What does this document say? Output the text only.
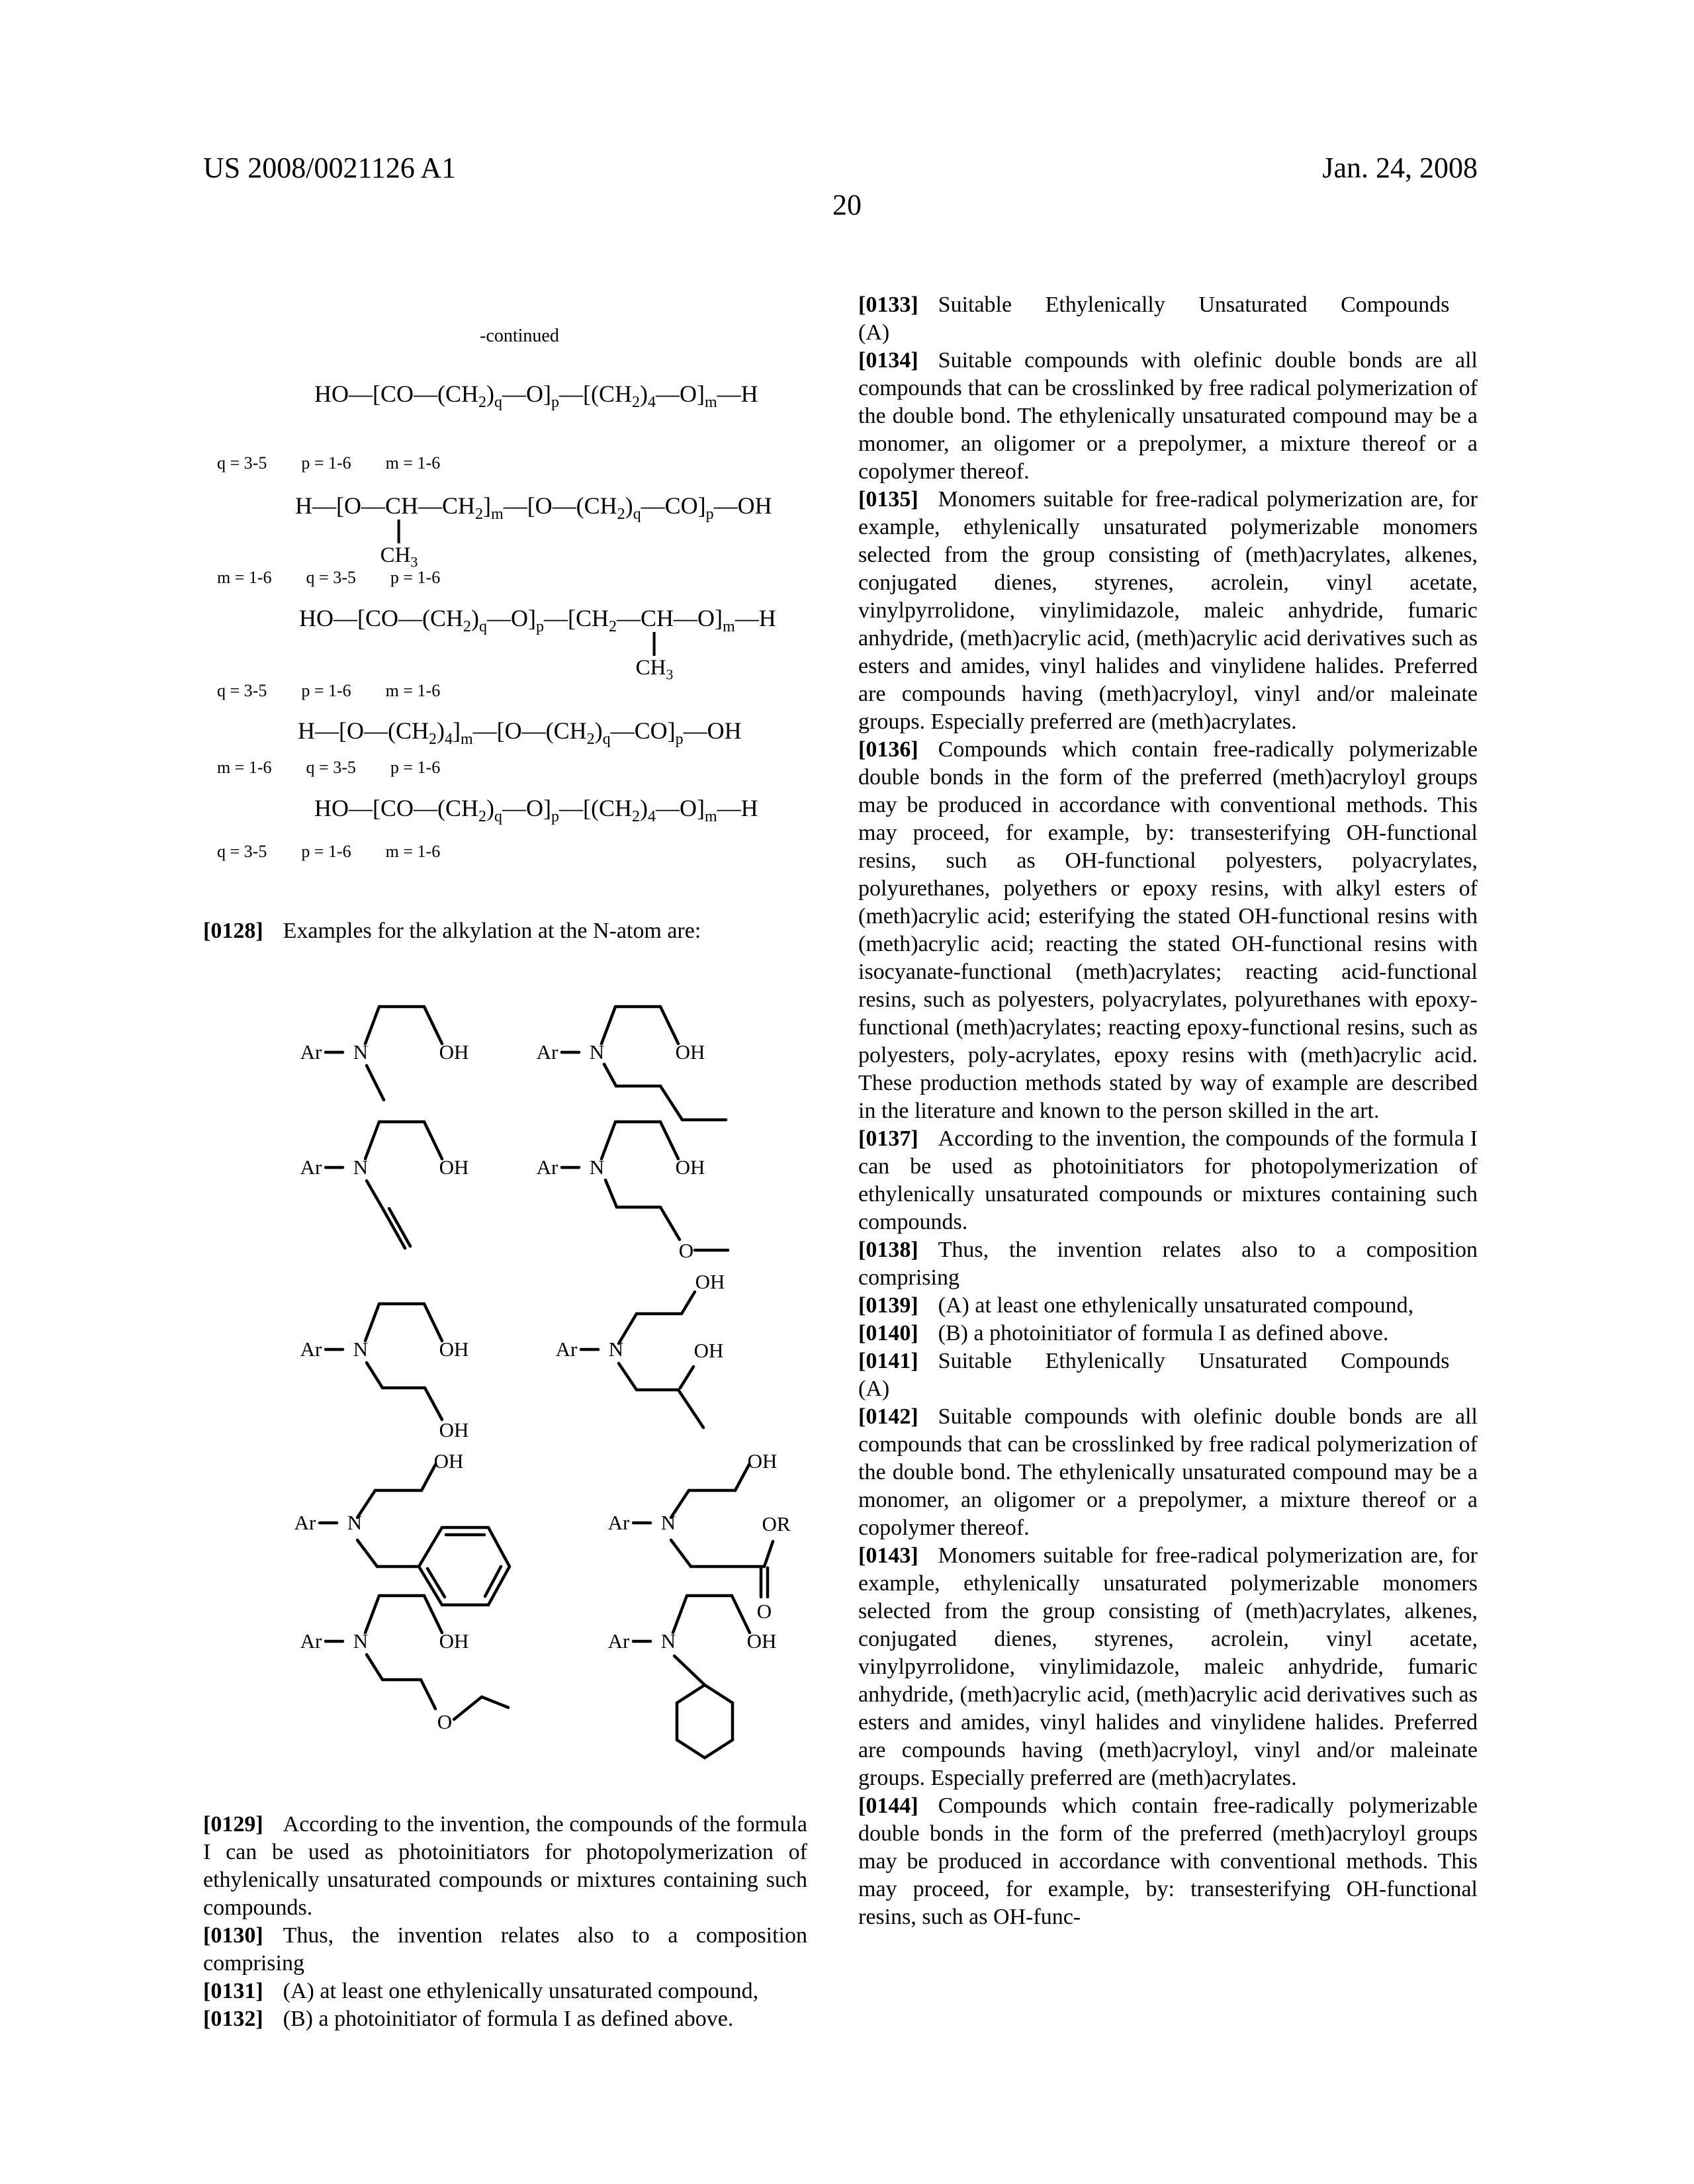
US 2008/0021126 A1	Jan. 24, 2008
20
-continued
$HO—[CO—(CH_2)_q—O]_p—[(CH_2)_4—O]_m—H$
q = 3-5 p = 1-6 m = 1-6
H—[O—CH
$CH_3$
$—CH_2]_m—[O—(CH_2)_q—CO]_p—OH$
m = 1-6 q = 3-5 p = 1-6
$HO—[CO—(CH_2)_q—O]_p—[CH_2—CH$
$CH_3$
$—O]_m—H$
q = 3-5 p = 1-6 m = 1-6
$H—[O—(CH_2)_4]_m—[O—(CH_2)_q—CO]_p—OH$
m = 1-6 q = 3-5 p = 1-6
$HO—[CO—(CH_2)_q—O]_p—[(CH_2)_4—O]_m—H$
q = 3-5 p = 1-6 m = 1-6
[0128] Examples for the alkylation at the N-atom are:
Ar N	OH	Ar N	OH
Ar N	OH	Ar N	OH
O
Ar N	OH
OH
Ar N
OH
OH
Ar N
OH
Ar N
OH
OR
O
Ar N	OH
O
Ar N	OH

[0129] According to the invention, the compounds of the formula I can be used as photoinitiators for photopolymerization of ethylenically unsaturated compounds or mixtures containing such compounds.

[0130] Thus, the invention relates also to a composition comprising

[0131] (A) at least one ethylenically unsaturated compound,

[0132] (B) a photoinitiator of formula I as defined above.

[0133] Suitable Ethylenically Unsaturated Compounds
(A)

[0134] Suitable compounds with olefinic double bonds are all compounds that can be crosslinked by free radical polymerization of the double bond. The ethylenically unsaturated compound may be a monomer, an oligomer or a prepolymer, a mixture thereof or a copolymer thereof.

[0135] Monomers suitable for free-radical polymerization are, for example, ethylenically unsaturated polymerizable monomers selected from the group consisting of (meth)acrylates, alkenes, conjugated dienes, styrenes, acrolein, vinyl acetate, vinylpyrrolidone, vinylimidazole, maleic anhydride, fumaric anhydride, (meth)acrylic acid, (meth)acrylic acid derivatives such as esters and amides, vinyl halides and vinylidene halides. Preferred are compounds having (meth)acryloyl, vinyl and/or maleinate groups. Especially preferred are (meth)acrylates.

[0136] Compounds which contain free-radically polymerizable double bonds in the form of the preferred (meth)acryloyl groups may be produced in accordance with conventional methods. This may proceed, for example, by: transesterifying OH-functional resins, such as OH-functional polyesters, polyacrylates, polyurethanes, polyethers or epoxy resins, with alkyl esters of (meth)acrylic acid; esterifying the stated OH-functional resins with (meth)acrylic acid; reacting the stated OH-functional resins with isocyanate-functional (meth)acrylates; reacting acid-functional resins, such as polyesters, polyacrylates, polyurethanes with epoxy-functional (meth)acrylates; reacting epoxy-functional resins, such as polyesters, poly-acrylates, epoxy resins with (meth)acrylic acid. These production methods stated by way of example are described in the literature and known to the person skilled in the art.

[0137] According to the invention, the compounds of the formula I can be used as photoinitiators for photopolymerization of ethylenically unsaturated compounds or mixtures containing such compounds.

[0138] Thus, the invention relates also to a composition comprising

[0139] (A) at least one ethylenically unsaturated compound,

[0140] (B) a photoinitiator of formula I as defined above.

[0141] Suitable Ethylenically Unsaturated Compounds
(A)

[0142] Suitable compounds with olefinic double bonds are all compounds that can be crosslinked by free radical polymerization of the double bond. The ethylenically unsaturated compound may be a monomer, an oligomer or a prepolymer, a mixture thereof or a copolymer thereof.

[0143] Monomers suitable for free-radical polymerization are, for example, ethylenically unsaturated polymerizable monomers selected from the group consisting of (meth)acrylates, alkenes, conjugated dienes, styrenes, acrolein, vinyl acetate, vinylpyrrolidone, vinylimidazole, maleic anhydride, fumaric anhydride, (meth)acrylic acid, (meth)acrylic acid derivatives such as esters and amides, vinyl halides and vinylidene halides. Preferred are compounds having (meth)acryloyl, vinyl and/or maleinate groups. Especially preferred are (meth)acrylates.

[0144] Compounds which contain free-radically polymerizable double bonds in the form of the preferred (meth)acryloyl groups may be produced in accordance with conventional methods. This may proceed, for example, by: transesterifying OH-functional resins, such as OH-func-
